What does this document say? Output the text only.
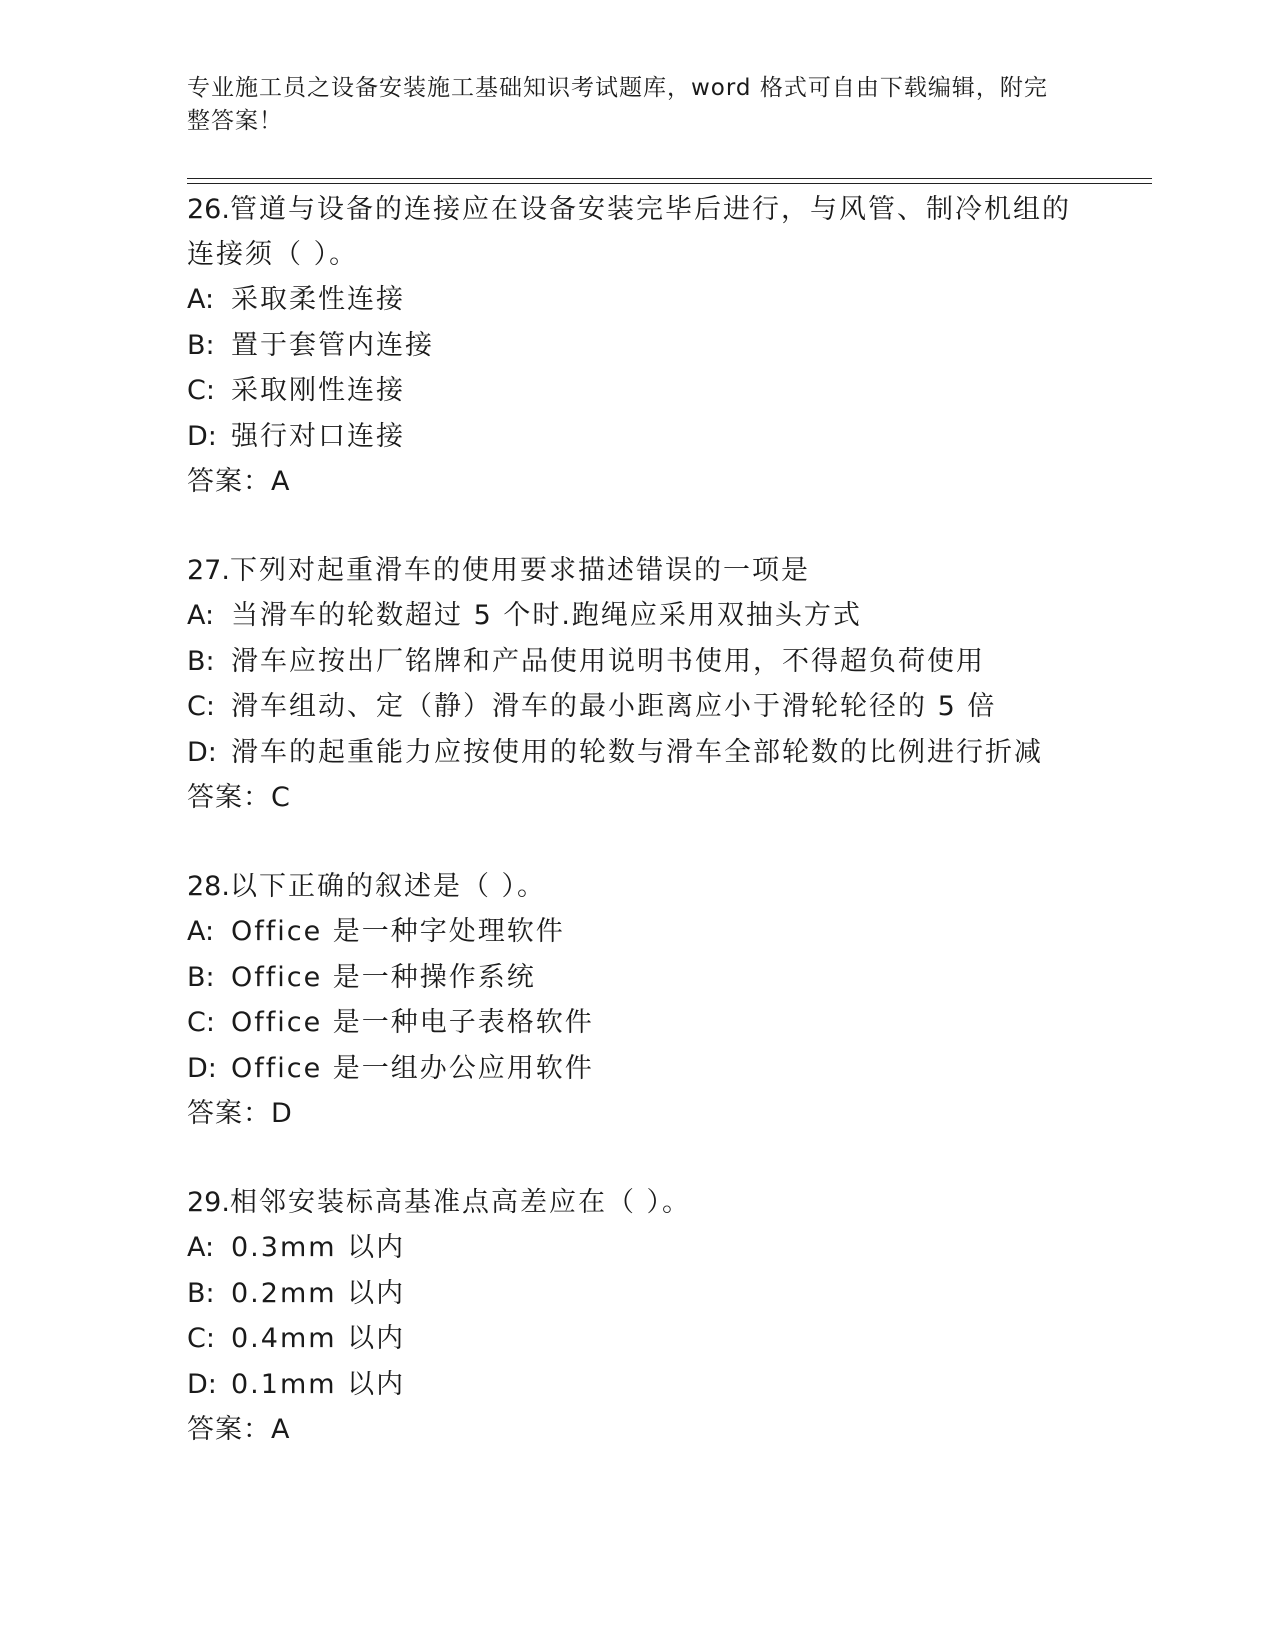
专业施工员之设备安装施工基础知识考试题库，word 格式可自由下载编辑，附完整答案！
26.管道与设备的连接应在设备安装完毕后进行，与风管、制冷机组的连接须（ ）。
A: 采取柔性连接
B: 置于套管内连接
C: 采取刚性连接
D: 强行对口连接
答案：A
27.下列对起重滑车的使用要求描述错误的一项是
A: 当滑车的轮数超过 5 个时.跑绳应采用双抽头方式
B: 滑车应按出厂铭牌和产品使用说明书使用，不得超负荷使用
C: 滑车组动、定（静）滑车的最小距离应小于滑轮轮径的 5 倍
D: 滑车的起重能力应按使用的轮数与滑车全部轮数的比例进行折减
答案：C
28.以下正确的叙述是（ ）。
A: Office 是一种字处理软件
B: Office 是一种操作系统
C: Office 是一种电子表格软件
D: Office 是一组办公应用软件
答案：D
29.相邻安装标高基准点高差应在（ ）。
A: 0.3mm 以内
B: 0.2mm 以内
C: 0.4mm 以内
D: 0.1mm 以内
答案：A
